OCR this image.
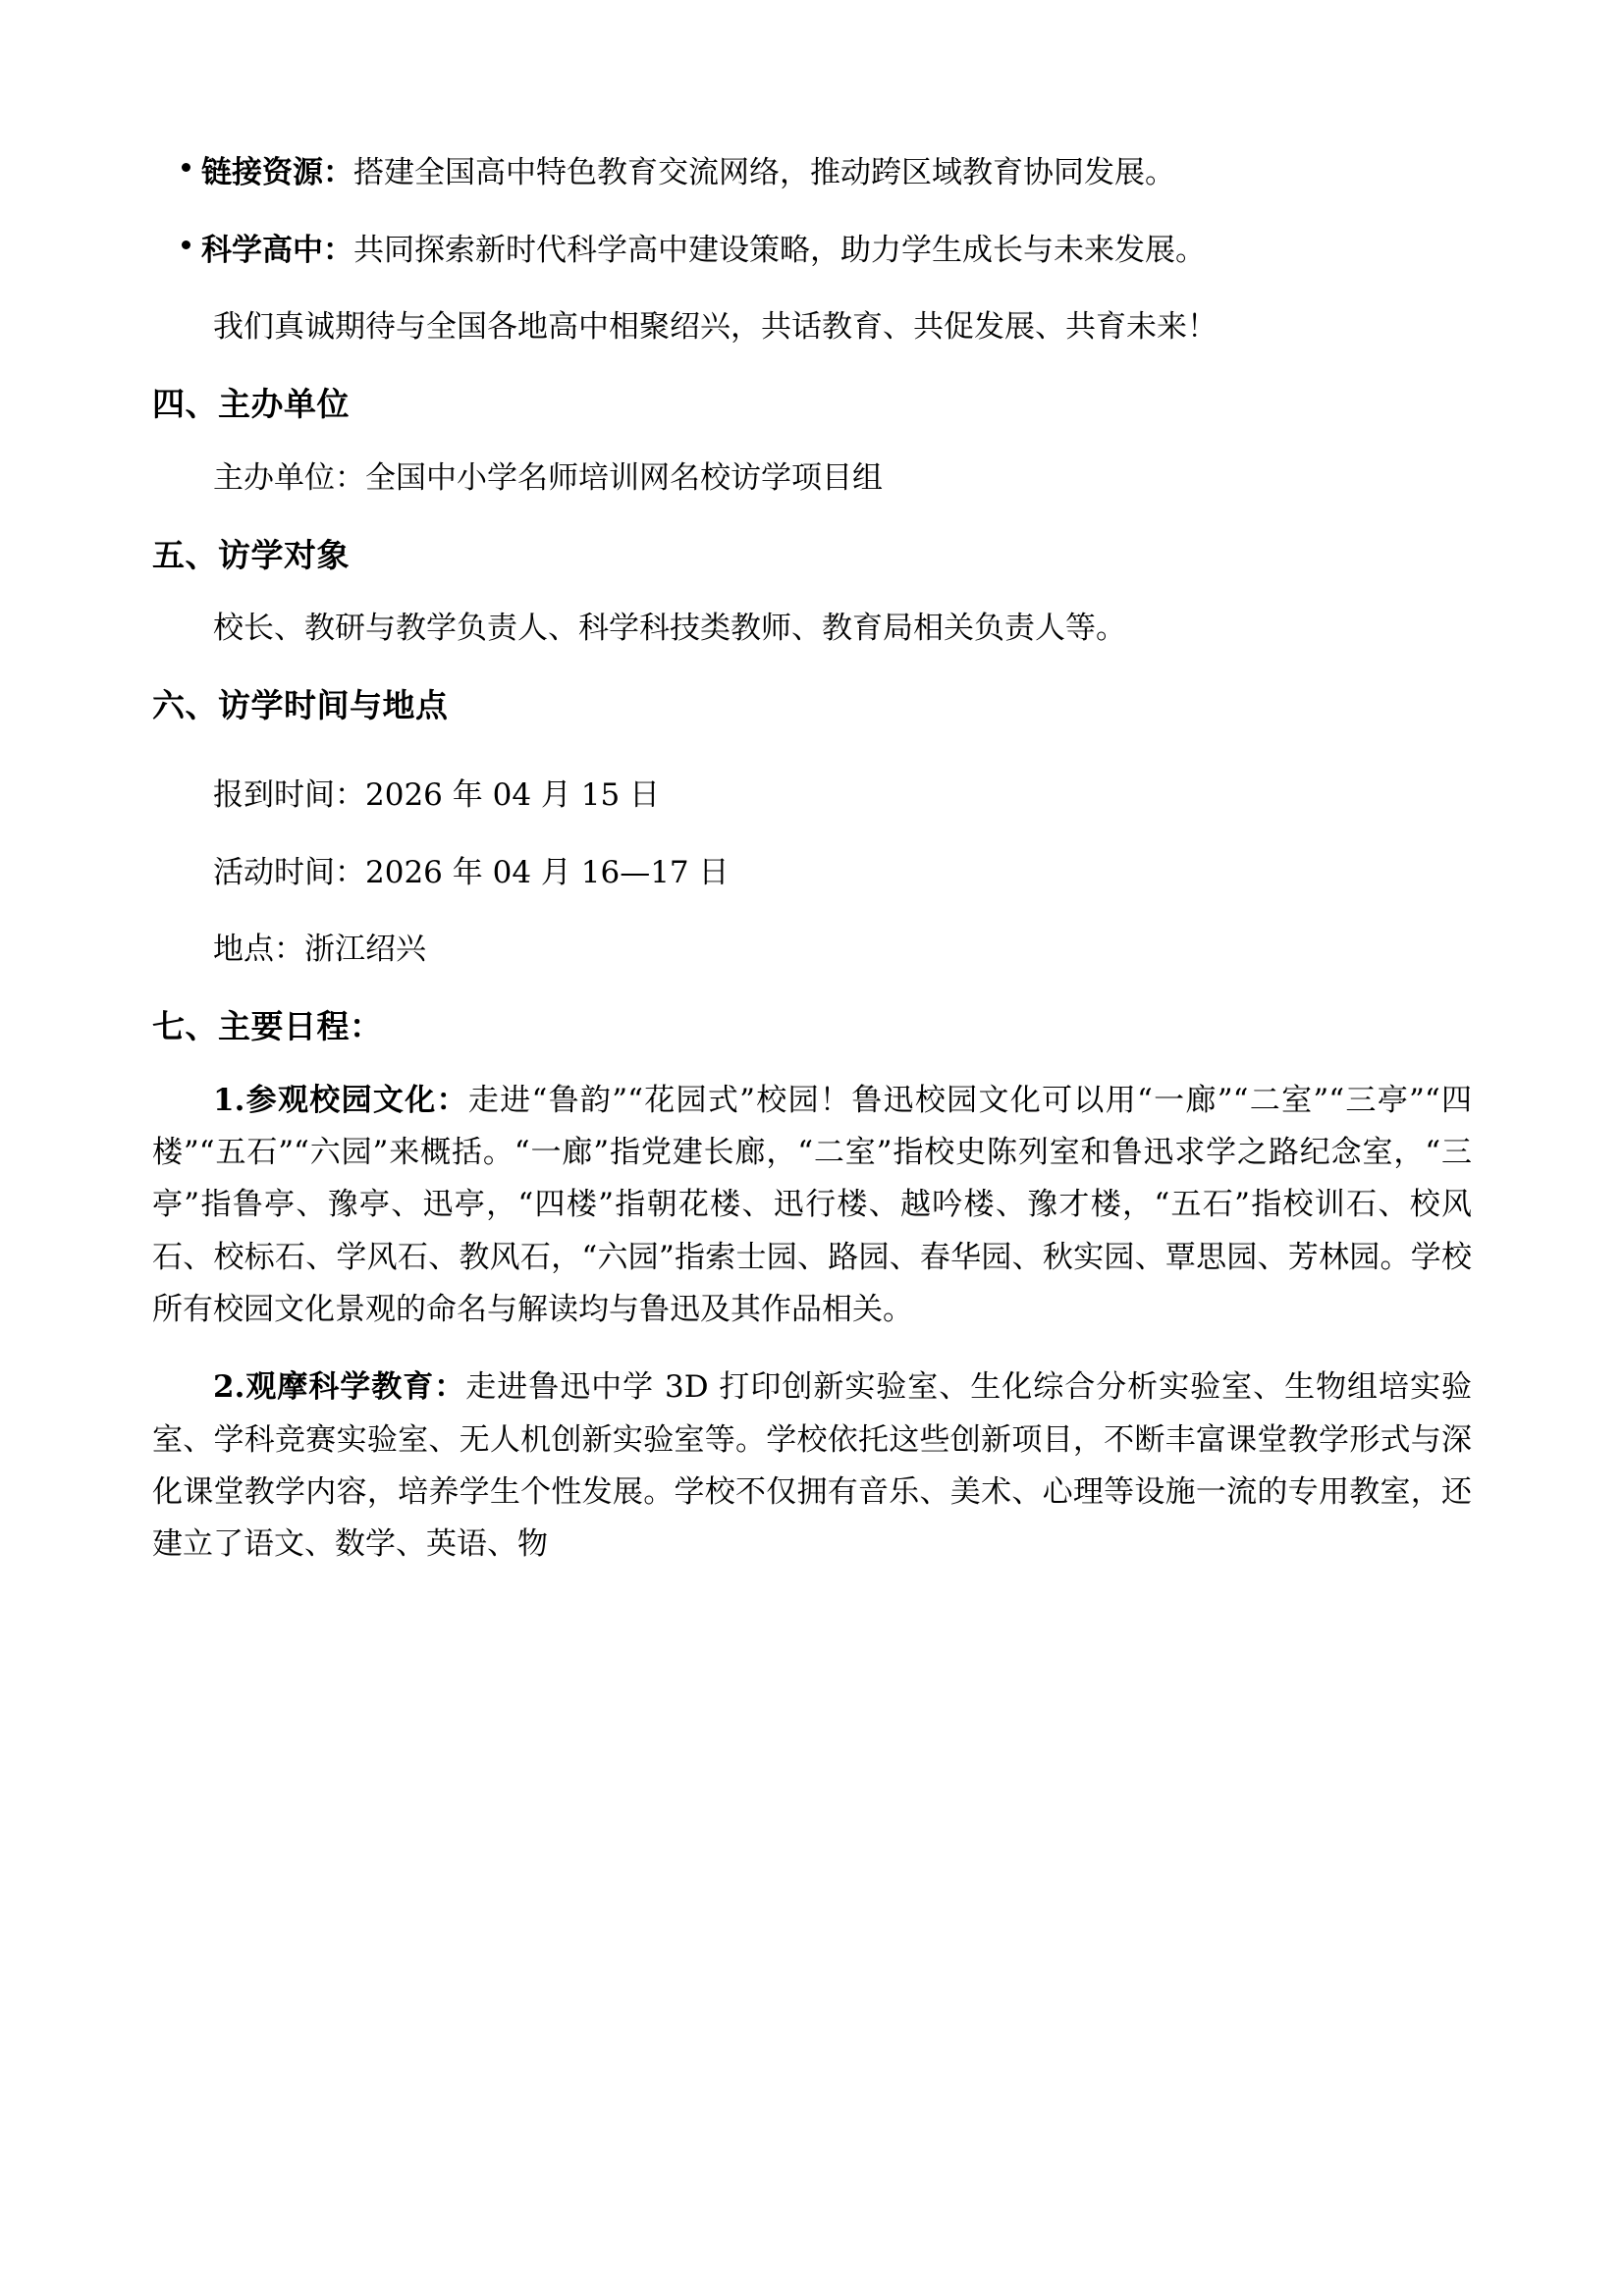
链接资源：搭建全国高中特色教育交流网络，推动跨区域教育协同发展。
科学高中：共同探索新时代科学高中建设策略，助力学生成长与未来发展。

我们真诚期待与全国各地高中相聚绍兴，共话教育、共促发展、共育未来！

四、主办单位

主办单位：全国中小学名师培训网名校访学项目组

五、访学对象

校长、教研与教学负责人、科学科技类教师、教育局相关负责人等。

六、访学时间与地点

报到时间：2026 年 04 月 15 日

活动时间：2026 年 04 月 16—17 日

地点：浙江绍兴

七、主要日程：

1.参观校园文化：走进“鲁韵”“花园式”校园！鲁迅校园文化可以用“一廊”“二室”“三亭”“四楼”“五石”“六园”来概括。“一廊”指党建长廊，“二室”指校史陈列室和鲁迅求学之路纪念室，“三亭”指鲁亭、豫亭、迅亭，“四楼”指朝花楼、迅行楼、越吟楼、豫才楼，“五石”指校训石、校风石、校标石、学风石、教风石，“六园”指索士园、路园、春华园、秋实园、覃思园、芳林园。学校所有校园文化景观的命名与解读均与鲁迅及其作品相关。

2.观摩科学教育：走进鲁迅中学 3D 打印创新实验室、生化综合分析实验室、生物组培实验室、学科竞赛实验室、无人机创新实验室等。学校依托这些创新项目，不断丰富课堂教学形式与深化课堂教学内容，培养学生个性发展。学校不仅拥有音乐、美术、心理等设施一流的专用教室，还建立了语文、数学、英语、物
